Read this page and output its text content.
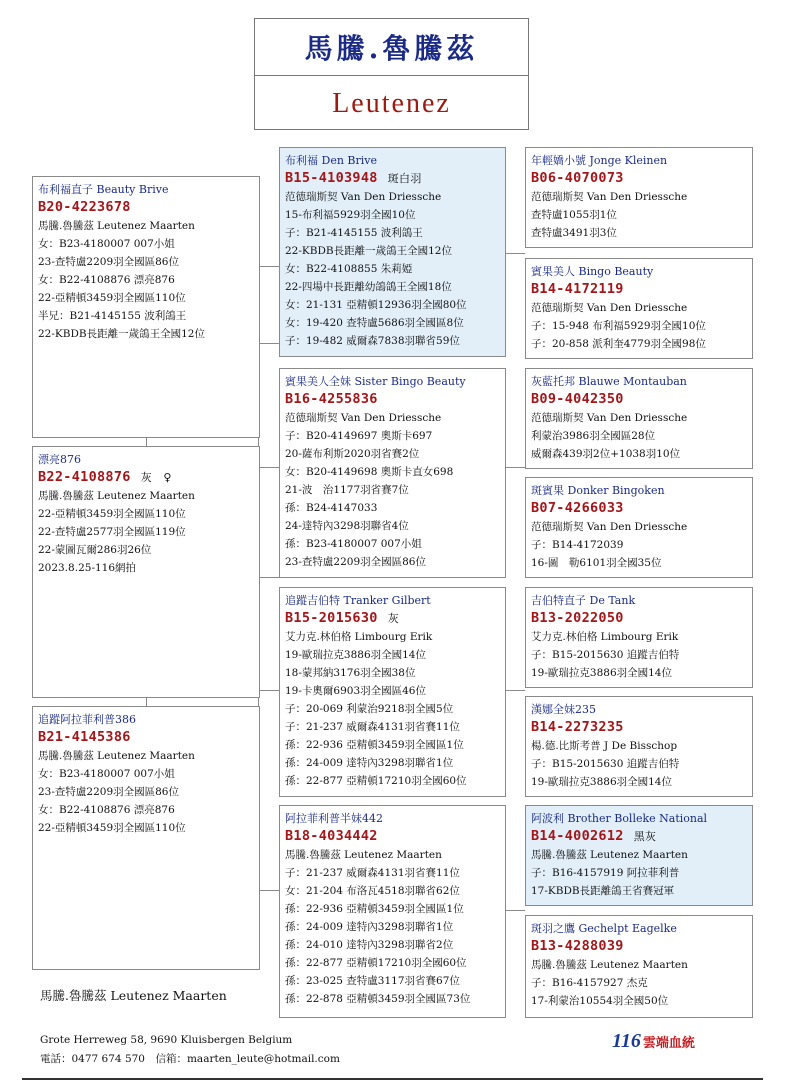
馬騰.魯騰茲
Leutenez
布利福直子 Beauty Brive
B20-4223678
馬騰.魯騰茲 Leutenez Maarten
女：B23-4180007 007小姐
23-查特盧2209羽全國區86位
女：B22-4108876 漂亮876
22-亞精頓3459羽全國區110位
半兄：B21-4145155 波利鴿王
22-KBDB長距離一歲鴿王全國12位
漂亮876
B22-4108876 灰　♀
馬騰.魯騰茲 Leutenez Maarten
22-亞精頓3459羽全國區110位
22-查特盧2577羽全國區119位
22-蒙圖瓦爾286羽26位
2023.8.25-116網拍
追蹤阿拉菲利普386
B21-4145386
馬騰.魯騰茲 Leutenez Maarten
女：B23-4180007 007小姐
23-查特盧2209羽全國區86位
女：B22-4108876 漂亮876
22-亞精頓3459羽全國區110位
布利福 Den Brive
B15-4103948 斑白羽
范德瑞斯契 Van Den Driessche
15-布利福5929羽全國10位
子：B21-4145155 波利鴿王
22-KBDB長距離一歲鴿王全國12位
女：B22-4108855 朱莉婭
22-四場中長距離幼鴿鴿王全國18位
女：21-131 亞精頓12936羽全國80位
女：19-420 查特盧5686羽全國區8位
子：19-482 威爾森7838羽聯省59位
賓果美人全妹 Sister Bingo Beauty
B16-4255836
范德瑞斯契 Van Den Driessche
子：B20-4149697 奧斯卡697
20-薩布利斯2020羽省賽2位
女：B20-4149698 奧斯卡直女698
21-波　治1177羽省賽7位
孫：B24-4147033
24-達特內3298羽聯省4位
孫：B23-4180007 007小姐
23-查特盧2209羽全國區86位
追蹤吉伯特 Tranker Gilbert
B15-2015630 灰
艾力克.林伯格 Limbourg Erik
19-歐瑞拉克3886羽全國14位
18-蒙邦納3176羽全國38位
19-卡奧爾6903羽全國區46位
子：20-069 利蒙治9218羽全國5位
子：21-237 威爾森4131羽省賽11位
孫：22-936 亞精頓3459羽全國區1位
孫：24-009 達特內3298羽聯省1位
孫：22-877 亞精頓17210羽全國60位
阿拉菲利普半妹442
B18-4034442
馬騰.魯騰茲 Leutenez Maarten
子：21-237 威爾森4131羽省賽11位
女：21-204 布洛瓦4518羽聯省62位
孫：22-936 亞精頓3459羽全國區1位
孫：24-009 達特內3298羽聯省1位
孫：24-010 達特內3298羽聯省2位
孫：22-877 亞精頓17210羽全國60位
孫：23-025 查特盧3117羽省賽67位
孫：22-878 亞精頓3459羽全國區73位
年輕嬌小號 Jonge Kleinen
B06-4070073
范德瑞斯契 Van Den Driessche
查特盧1055羽1位
查特盧3491羽3位
賓果美人 Bingo Beauty
B14-4172119
范德瑞斯契 Van Den Driessche
子：15-948 布利福5929羽全國10位
子：20-858 派利奎4779羽全國98位
灰藍托邦 Blauwe Montauban
B09-4042350
范德瑞斯契 Van Den Driessche
利蒙治3986羽全國區28位
威爾森439羽2位+1038羽10位
斑賓果 Donker Bingoken
B07-4266033
范德瑞斯契 Van Den Driessche
子：B14-4172039
16-圖　勒6101羽全國35位
吉伯特直子 De Tank
B13-2022050
艾力克.林伯格 Limbourg Erik
子：B15-2015630 追蹤吉伯特
19-歐瑞拉克3886羽全國14位
漢娜全妹235
B14-2273235
楊.德.比斯考普 J De Bisschop
子：B15-2015630 追蹤吉伯特
19-歐瑞拉克3886羽全國14位
阿波利 Brother Bolleke National
B14-4002612 黑灰
馬騰.魯騰茲 Leutenez Maarten
子：B16-4157919 阿拉菲利普
17-KBDB長距離鴿王省賽冠軍
斑羽之鷹 Gechelpt Eagelke
B13-4288039
馬騰.魯騰茲 Leutenez Maarten
子：B16-4157927 杰克
17-利蒙治10554羽全國50位
馬騰.魯騰茲 Leutenez Maarten
Grote Herreweg 58, 9690 Kluisbergen Belgium
電話：0477 674 570　信箱：maarten_leute@hotmail.com
116 雲端血統
